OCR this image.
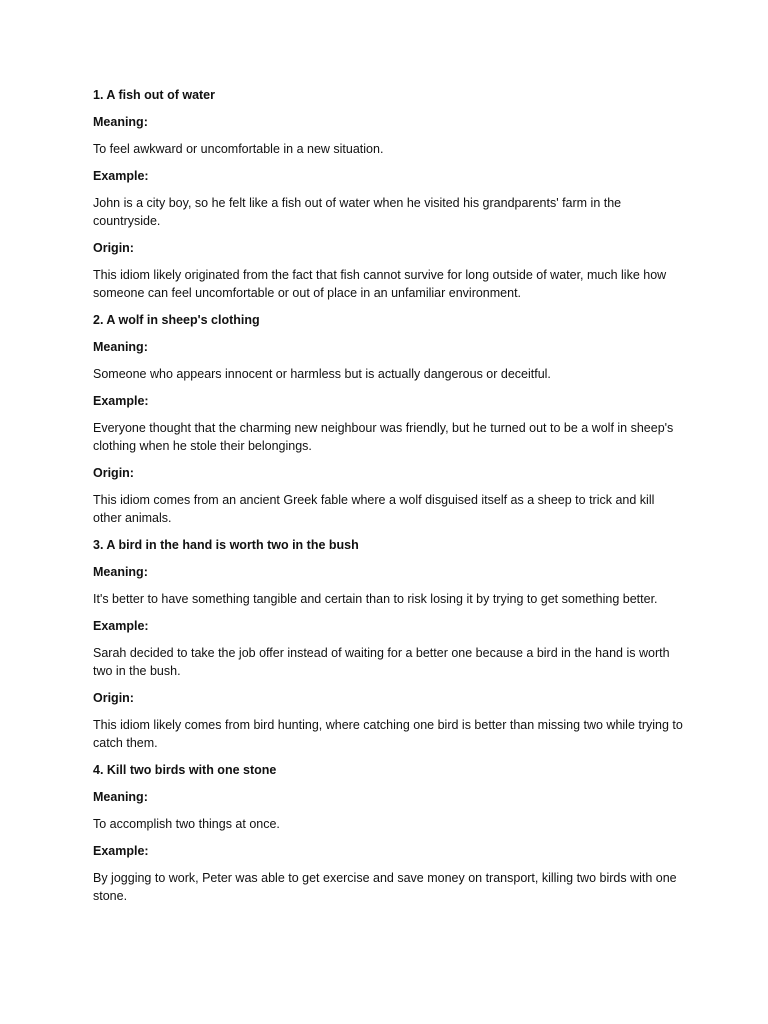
1. A fish out of water

Meaning:

To feel awkward or uncomfortable in a new situation.

Example:

John is a city boy, so he felt like a fish out of water when he visited his grandparents' farm in the countryside.

Origin:

This idiom likely originated from the fact that fish cannot survive for long outside of water, much like how someone can feel uncomfortable or out of place in an unfamiliar environment.

2. A wolf in sheep's clothing

Meaning:

Someone who appears innocent or harmless but is actually dangerous or deceitful.

Example:

Everyone thought that the charming new neighbour was friendly, but he turned out to be a wolf in sheep's clothing when he stole their belongings.

Origin:

This idiom comes from an ancient Greek fable where a wolf disguised itself as a sheep to trick and kill other animals.

3. A bird in the hand is worth two in the bush

Meaning:

It's better to have something tangible and certain than to risk losing it by trying to get something better.

Example:

Sarah decided to take the job offer instead of waiting for a better one because a bird in the hand is worth two in the bush.

Origin:

This idiom likely comes from bird hunting, where catching one bird is better than missing two while trying to catch them.

4. Kill two birds with one stone

Meaning:

To accomplish two things at once.

Example:

By jogging to work, Peter was able to get exercise and save money on transport, killing two birds with one stone.
